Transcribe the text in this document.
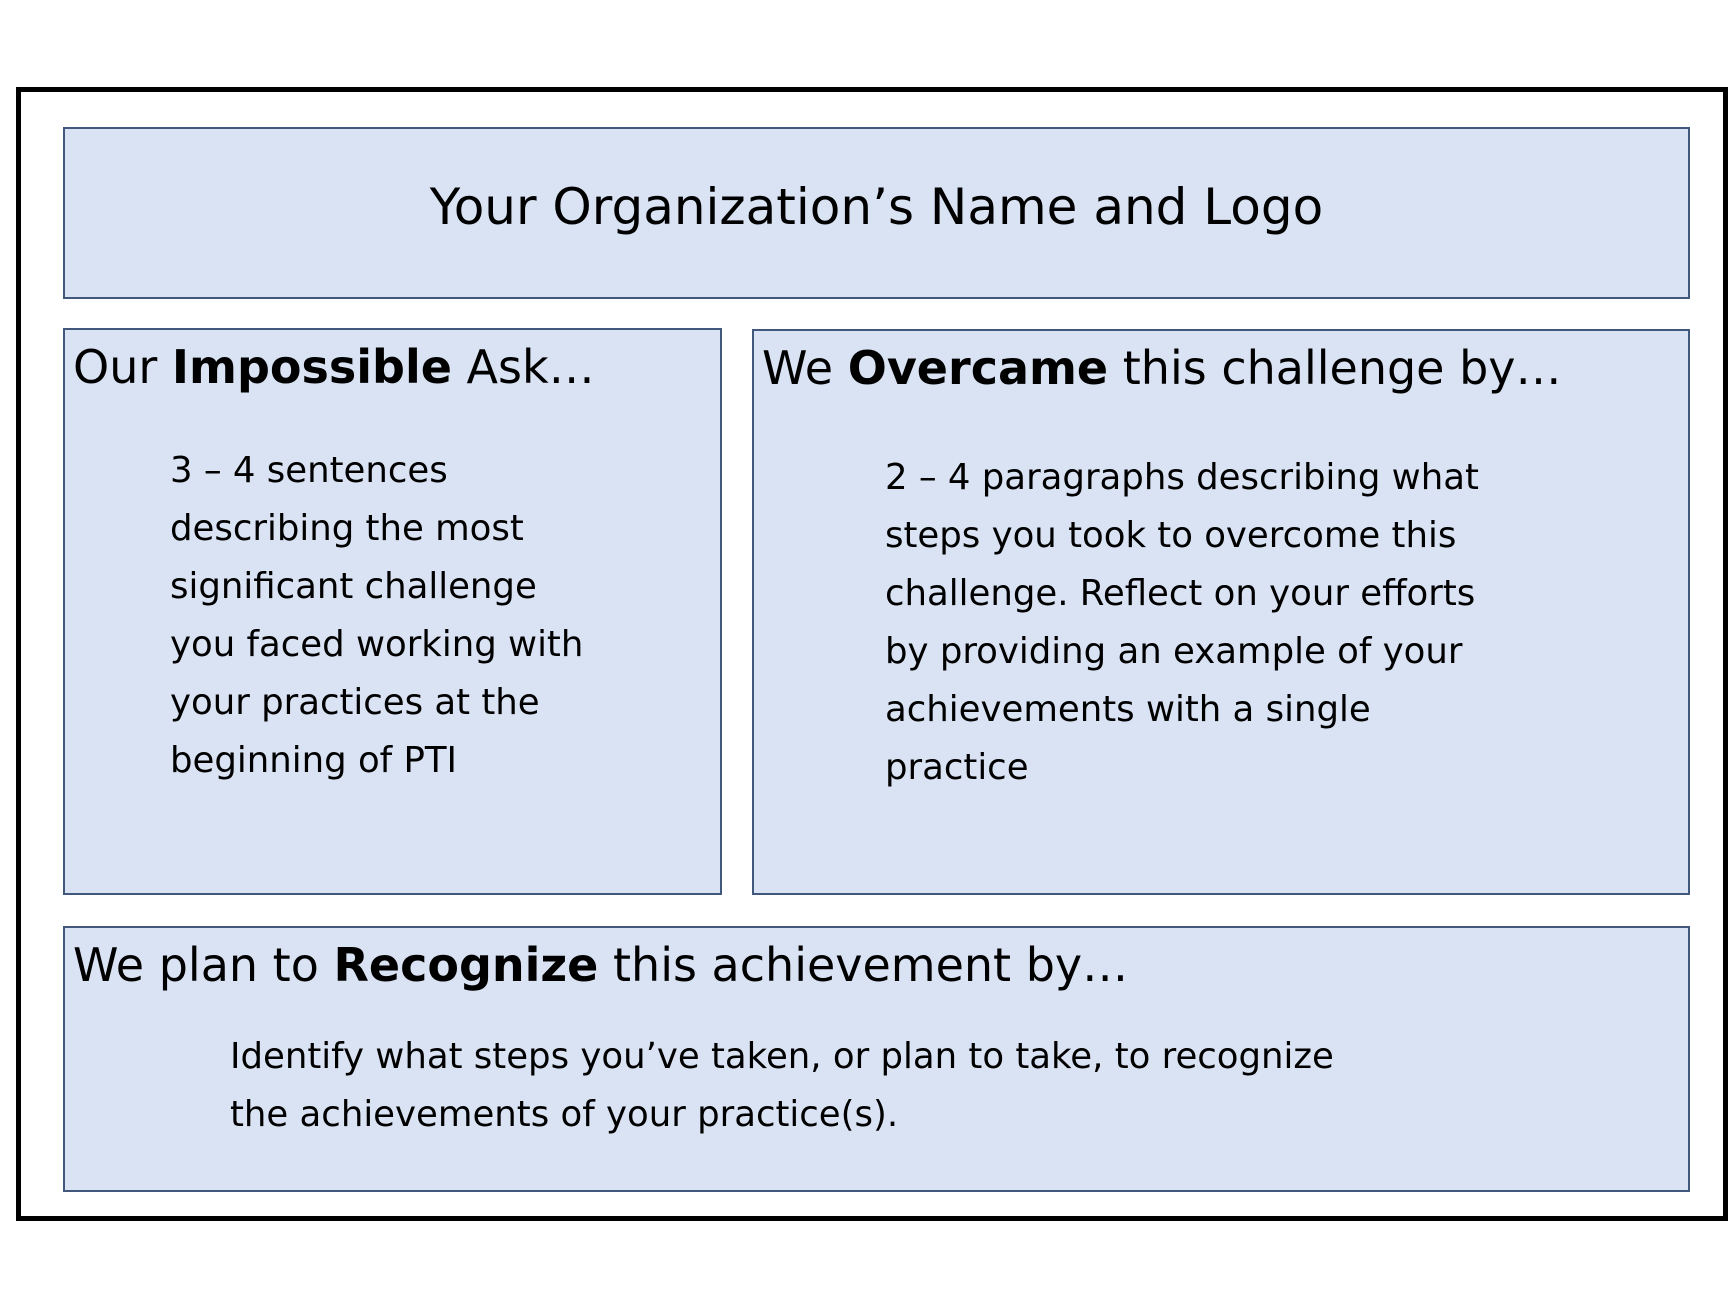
Your Organization’s Name and Logo
Our Impossible Ask…
3 – 4 sentences
describing the most
significant challenge
you faced working with
your practices at the
beginning of PTI
We Overcame this challenge by…
2 – 4 paragraphs describing what
steps you took to overcome this
challenge. Reflect on your efforts
by providing an example of your
achievements with a single
practice
We plan to Recognize this achievement by…
Identify what steps you’ve taken, or plan to take, to recognize
the achievements of your practice(s).
